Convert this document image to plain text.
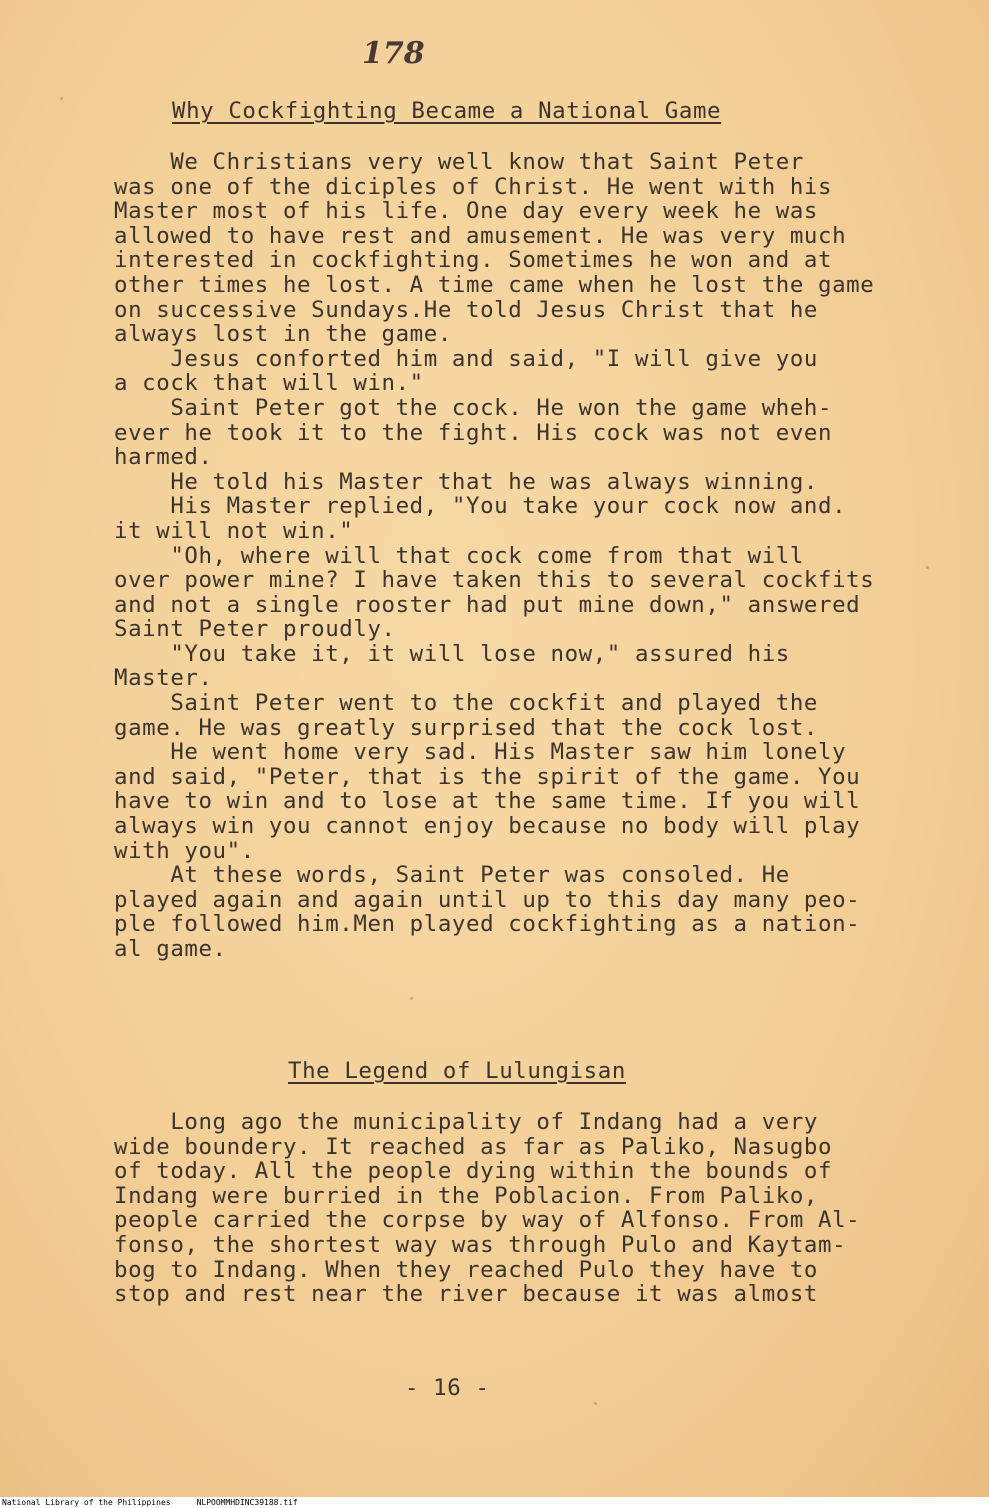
178
Why Cockfighting Became a National Game
We Christians very well know that Saint Peter
was one of the diciples of Christ. He went with his
Master most of his life. One day every week he was
allowed to have rest and amusement. He was very much
interested in cockfighting. Sometimes he won and at
other times he lost. A time came when he lost the game
on successive Sundays.He told Jesus Christ that he
always lost in the game.
Jesus conforted him and said, "I will give you
a cock that will win."
Saint Peter got the cock. He won the game wheh-
ever he took it to the fight. His cock was not even
harmed.
He told his Master that he was always winning.
His Master replied, "You take your cock now and.
it will not win."
"Oh, where will that cock come from that will
over power mine? I have taken this to several cockfits
and not a single rooster had put mine down," answered
Saint Peter proudly.
"You take it, it will lose now," assured his
Master.
Saint Peter went to the cockfit and played the
game. He was greatly surprised that the cock lost.
He went home very sad. His Master saw him lonely
and said, "Peter, that is the spirit of the game. You
have to win and to lose at the same time. If you will
always win you cannot enjoy because no body will play
with you".
At these words, Saint Peter was consoled. He
played again and again until up to this day many peo-
ple followed him.Men played cockfighting as a nation-
al game.
The Legend of Lulungisan
Long ago the municipality of Indang had a very
wide boundery. It reached as far as Paliko, Nasugbo
of today. All the people dying within the bounds of
Indang were burried in the Poblacion. From Paliko,
people carried the corpse by way of Alfonso. From Al-
fonso, the shortest way was through Pulo and Kaytam-
bog to Indang. When they reached Pulo they have to
stop and rest near the river because it was almost
- 16 -
National Library of the Philippines	NLPOOMMHDINC39188.tif
